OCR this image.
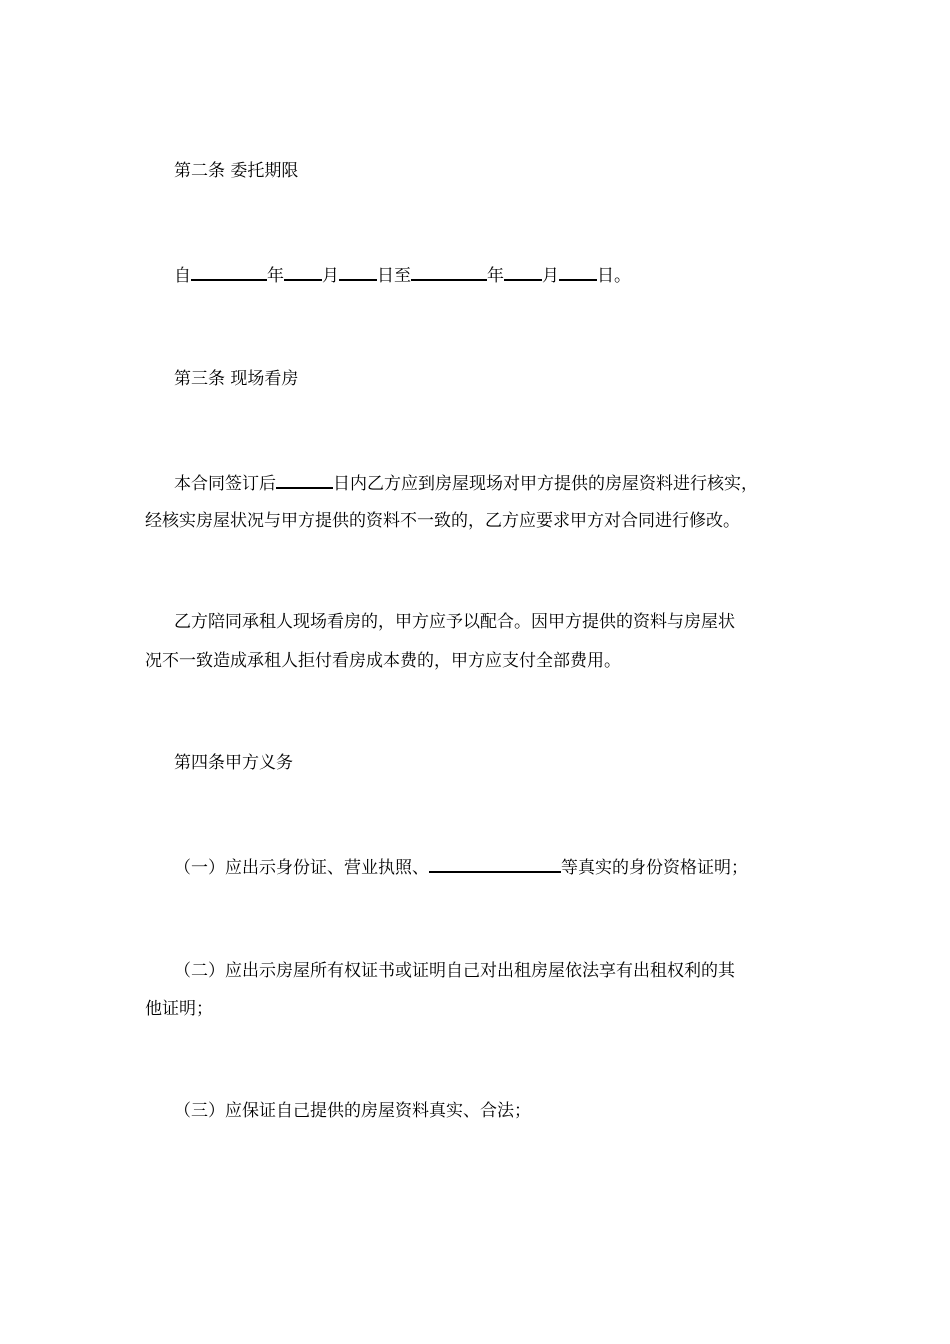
第二条 委托期限
自	年 月 日至	年 月 日。
第三条 现场看房
本合同签订后	日内乙方应到房屋现场对甲方提供的房屋资料进行核实，
经核实房屋状况与甲方提供的资料不一致的，乙方应要求甲方对合同进行修改。
乙方陪同承租人现场看房的，甲方应予以配合。因甲方提供的资料与房屋状
况不一致造成承租人拒付看房成本费的，甲方应支付全部费用。
第四条甲方义务
（一）应出示身份证、营业执照、	等真实的身份资格证明；
（二）应出示房屋所有权证书或证明自己对出租房屋依法享有出租权利的其
他证明；
（三）应保证自己提供的房屋资料真实、合法；
